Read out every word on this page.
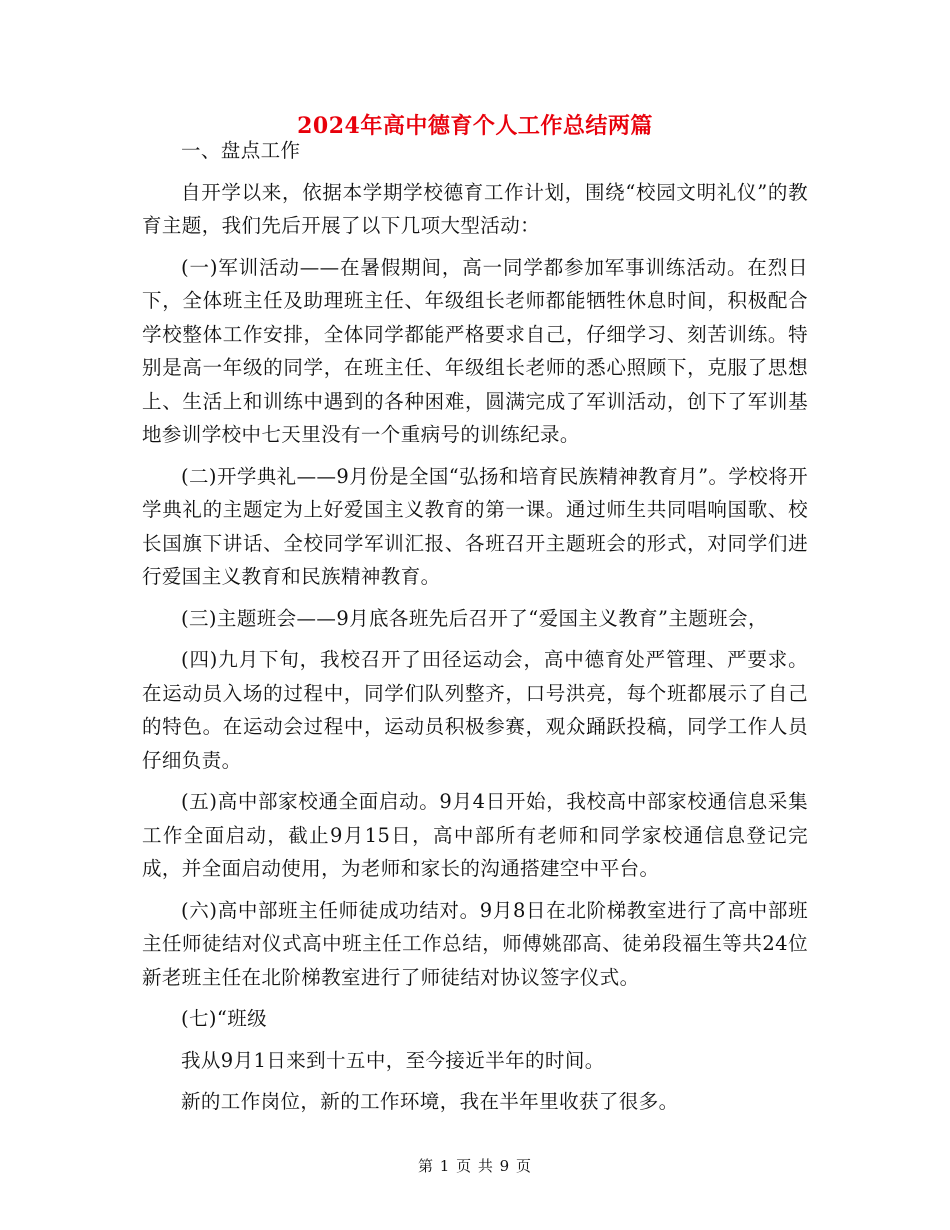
2024年高中德育个人工作总结两篇

一、盘点工作

自开学以来，依据本学期学校德育工作计划，围绕“校园文明礼仪”的教育主题，我们先后开展了以下几项大型活动：

(一)军训活动——在暑假期间，高一同学都参加军事训练活动。在烈日下，全体班主任及助理班主任、年级组长老师都能牺牲休息时间，积极配合学校整体工作安排，全体同学都能严格要求自己，仔细学习、刻苦训练。特别是高一年级的同学，在班主任、年级组长老师的悉心照顾下，克服了思想上、生活上和训练中遇到的各种困难，圆满完成了军训活动，创下了军训基地参训学校中七天里没有一个重病号的训练纪录。

(二)开学典礼——9月份是全国“弘扬和培育民族精神教育月”。学校将开学典礼的主题定为上好爱国主义教育的第一课。通过师生共同唱响国歌、校长国旗下讲话、全校同学军训汇报、各班召开主题班会的形式，对同学们进行爱国主义教育和民族精神教育。

(三)主题班会——9月底各班先后召开了“爱国主义教育”主题班会，

(四)九月下旬，我校召开了田径运动会，高中德育处严管理、严要求。在运动员入场的过程中，同学们队列整齐，口号洪亮，每个班都展示了自己的特色。在运动会过程中，运动员积极参赛，观众踊跃投稿，同学工作人员仔细负责。

(五)高中部家校通全面启动。9月4日开始，我校高中部家校通信息采集工作全面启动，截止9月15日，高中部所有老师和同学家校通信息登记完成，并全面启动使用，为老师和家长的沟通搭建空中平台。

(六)高中部班主任师徒成功结对。9月8日在北阶梯教室进行了高中部班主任师徒结对仪式高中班主任工作总结，师傅姚邵高、徒弟段福生等共24位新老班主任在北阶梯教室进行了师徒结对协议签字仪式。

(七)“班级

我从9月1日来到十五中，至今接近半年的时间。

新的工作岗位，新的工作环境，我在半年里收获了很多。

第 1 页 共 9 页
